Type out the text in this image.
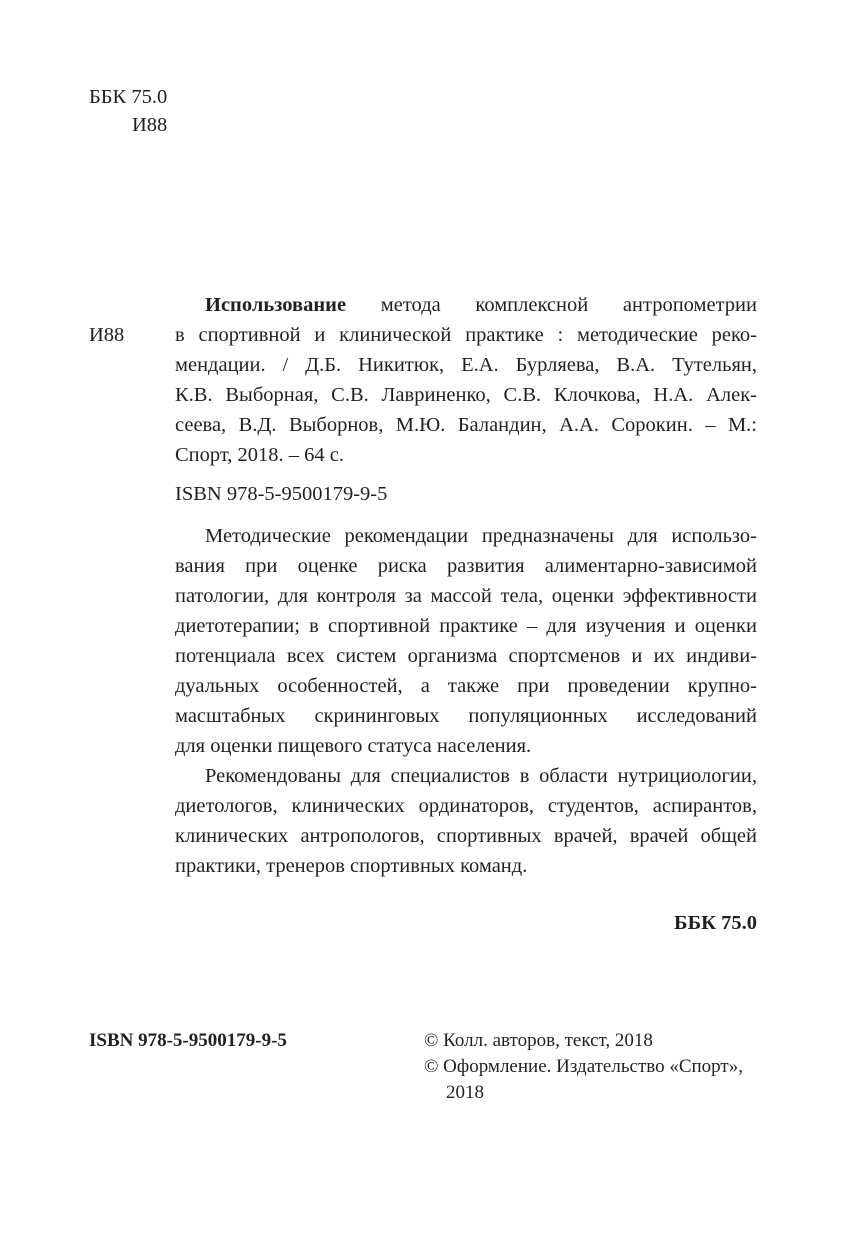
ББК 75.0
И88
И88
Использование метода комплексной антропометрии
в спортивной и клинической практике : методические реко-
мендации. / Д.Б. Никитюк, Е.А. Бурляева, В.А. Тутельян,
К.В. Выборная, С.В. Лавриненко, С.В. Клочкова, Н.А. Алек-
сеева, В.Д. Выборнов, М.Ю. Баландин, А.А. Сорокин. – М.:
Спорт, 2018. – 64 с.
ISBN 978-5-9500179-9-5
Методические рекомендации предназначены для использо-
вания при оценке риска развития алиментарно-зависимой
патологии, для контроля за массой тела, оценки эффективности
диетотерапии; в спортивной практике – для изучения и оценки
потенциала всех систем организма спортсменов и их индиви-
дуальных особенностей, а также при проведении крупно-
масштабных скрининговых популяционных исследований
для оценки пищевого статуса населения.
Рекомендованы для специалистов в области нутрициологии,
диетологов, клинических ординаторов, студентов, аспирантов,
клинических антропологов, спортивных врачей, врачей общей
практики, тренеров спортивных команд.
ББК 75.0
ISBN 978-5-9500179-9-5	© Колл. авторов, текст, 2018
© Оформление. Издательство «Спорт»,
2018
